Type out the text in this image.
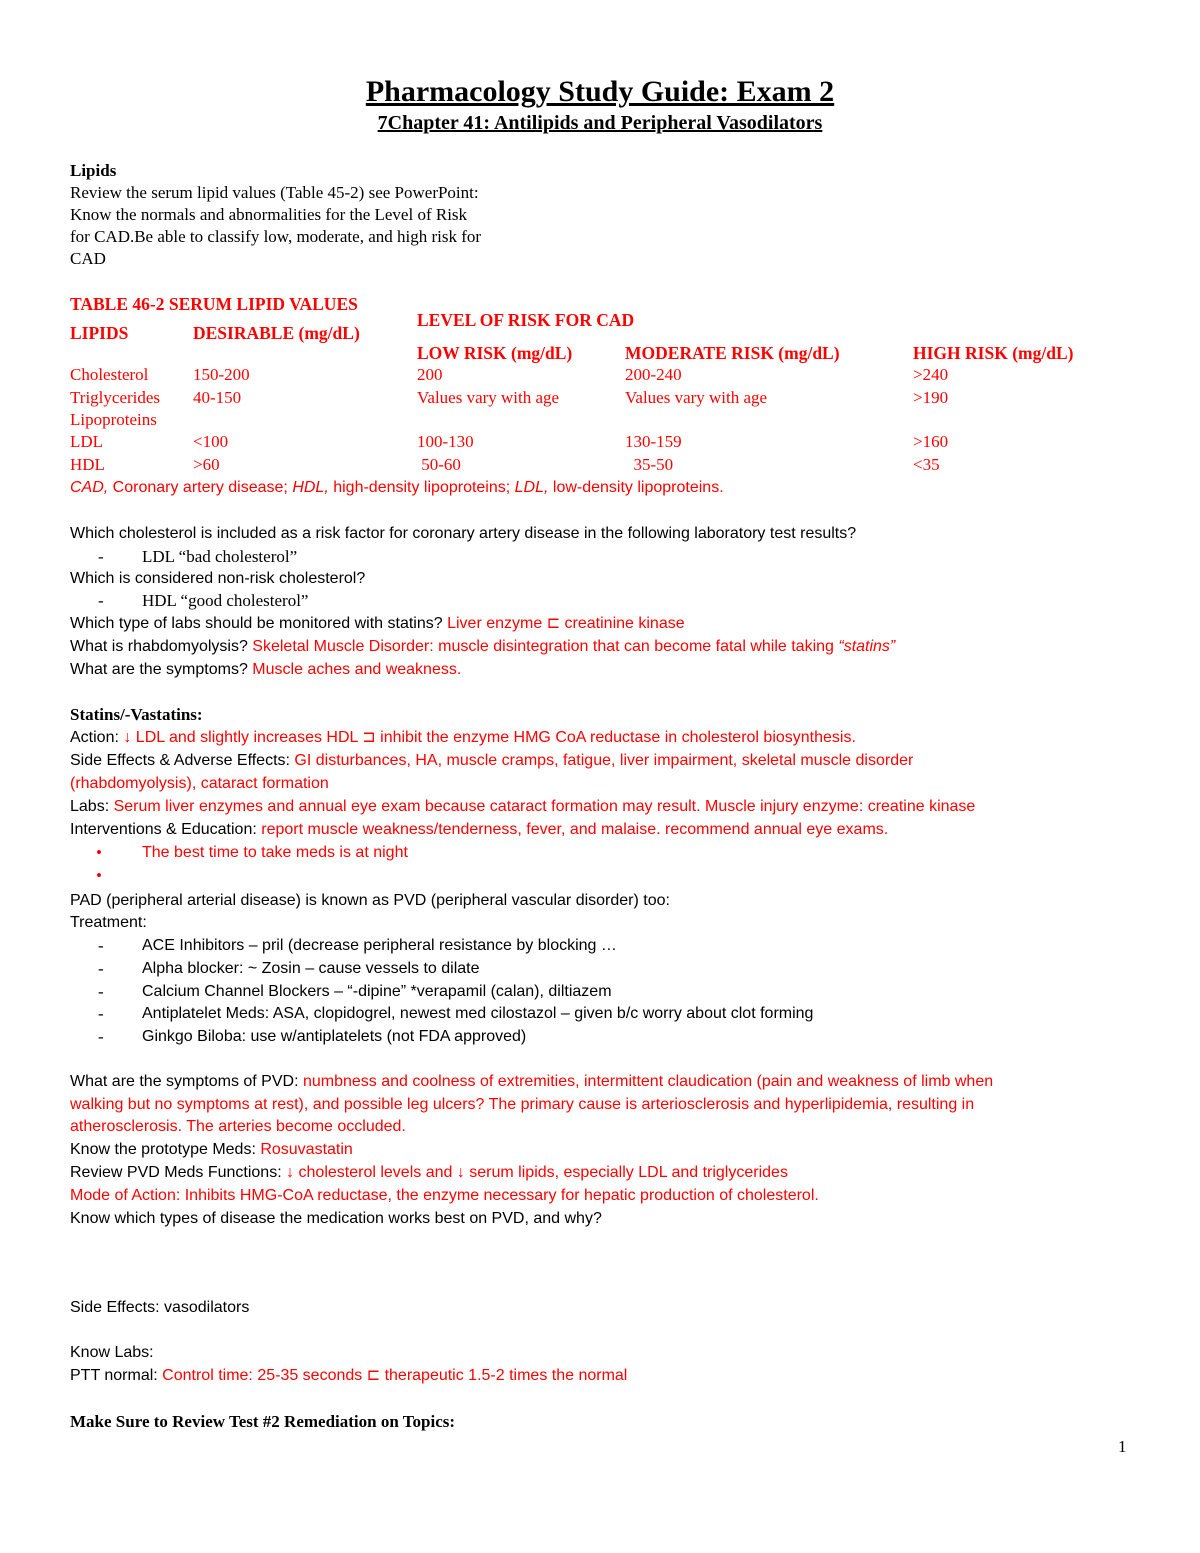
Pharmacology Study Guide: Exam 2
7Chapter 41: Antilipids and Peripheral Vasodilators
Lipids
Review the serum lipid values (Table 45-2) see PowerPoint:
Know the normals and abnormalities for the Level of Risk
for CAD.Be able to classify low, moderate, and high risk for
CAD
TABLE 46-2 SERUM LIPID VALUES
LEVEL OF RISK FOR CAD
LIPIDS	DESIRABLE (mg/dL)
LOW RISK (mg/dL)	MODERATE RISK (mg/dL)	HIGH RISK (mg/dL)
Cholesterol	150-200	200	200-240	>240
Triglycerides 40-150	Values vary with age	Values vary with age	>190
Lipoproteins
LDL	<100	100-130	130-159	>160
HDL	>60	50-60	35-50	<35
CAD, Coronary artery disease; HDL, high-density lipoproteins; LDL, low-density lipoproteins.
Which cholesterol is included as a risk factor for coronary artery disease in the following laboratory test results?
- LDL “bad cholesterol”
Which is considered non-risk cholesterol?
- HDL “good cholesterol”
Which type of labs should be monitored with statins? Liver enzyme ⊏ creatinine kinase
What is rhabdomyolysis? Skeletal Muscle Disorder: muscle disintegration that can become fatal while taking “statins”
What are the symptoms? Muscle aches and weakness.
Statins/-Vastatins:
Action: ↓ LDL and slightly increases HDL ⊐ inhibit the enzyme HMG CoA reductase in cholesterol biosynthesis.
Side Effects & Adverse Effects: GI disturbances, HA, muscle cramps, fatigue, liver impairment, skeletal muscle disorder
(rhabdomyolysis), cataract formation
Labs: Serum liver enzymes and annual eye exam because cataract formation may result. Muscle injury enzyme: creatine kinase
Interventions & Education: report muscle weakness/tenderness, fever, and malaise. recommend annual eye exams.
•	The best time to take meds is at night
•
PAD (peripheral arterial disease) is known as PVD (peripheral vascular disorder) too:
Treatment:
- ACE Inhibitors – pril (decrease peripheral resistance by blocking …
- Alpha blocker: ~ Zosin – cause vessels to dilate
- Calcium Channel Blockers – “-dipine” *verapamil (calan), diltiazem
- Antiplatelet Meds: ASA, clopidogrel, newest med cilostazol – given b/c worry about clot forming
- Ginkgo Biloba: use w/antiplatelets (not FDA approved)
What are the symptoms of PVD: numbness and coolness of extremities, intermittent claudication (pain and weakness of limb when
walking but no symptoms at rest), and possible leg ulcers? The primary cause is arteriosclerosis and hyperlipidemia, resulting in
atherosclerosis. The arteries become occluded.
Know the prototype Meds: Rosuvastatin
Review PVD Meds Functions: ↓ cholesterol levels and ↓ serum lipids, especially LDL and triglycerides
Mode of Action: Inhibits HMG-CoA reductase, the enzyme necessary for hepatic production of cholesterol.
Know which types of disease the medication works best on PVD, and why?
Side Effects: vasodilators
Know Labs:
PTT normal: Control time: 25-35 seconds ⊏ therapeutic 1.5-2 times the normal
Make Sure to Review Test #2 Remediation on Topics:
1
